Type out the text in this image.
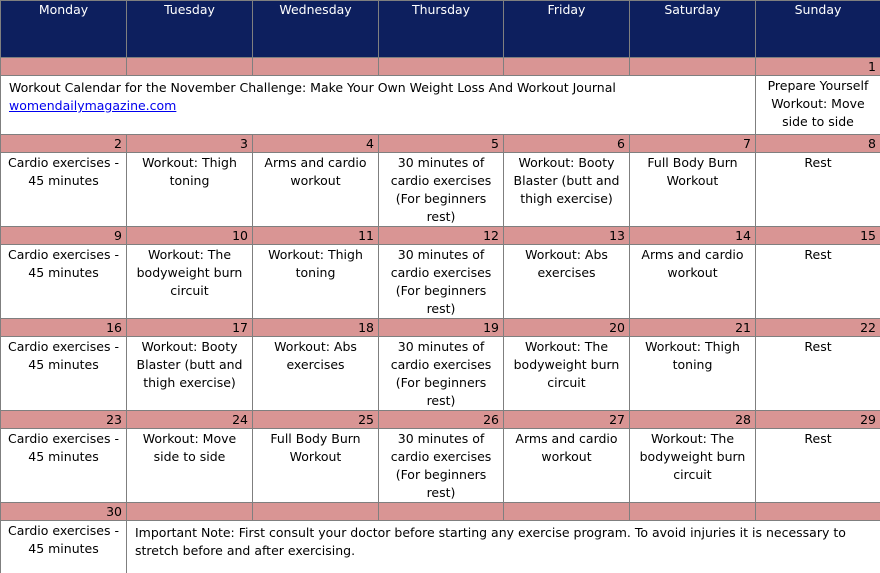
Monday	Tuesday	Wednesday	Thursday	Friday	Saturday	Sunday
						1
Workout Calendar for the November Challenge: Make Your Own Weight Loss And Workout Journal
womendailymagazine.com						Prepare Yourself Workout: Move side to side
2	3	4	5	6	7	8
Cardio exercises - 45 minutes	Workout: Thigh toning	Arms and cardio workout	30 minutes of cardio exercises (For beginners rest)	Workout: Booty Blaster (butt and thigh exercise)	Full Body Burn Workout	Rest
9	10	11	12	13	14	15
Cardio exercises - 45 minutes	Workout: The bodyweight burn circuit	Workout: Thigh toning	30 minutes of cardio exercises (For beginners rest)	Workout: Abs exercises	Arms and cardio workout	Rest
16	17	18	19	20	21	22
Cardio exercises - 45 minutes	Workout: Booty Blaster (butt and thigh exercise)	Workout: Abs exercises	30 minutes of cardio exercises (For beginners rest)	Workout: The bodyweight burn circuit	Workout: Thigh toning	Rest
23	24	25	26	27	28	29
Cardio exercises - 45 minutes	Workout: Move side to side	Full Body Burn Workout	30 minutes of cardio exercises (For beginners rest)	Arms and cardio workout	Workout: The bodyweight burn circuit	Rest
30						
Cardio exercises - 45 minutes	Important Note: First consult your doctor before starting any exercise program. To avoid injuries it is necessary to stretch before and after exercising.					
